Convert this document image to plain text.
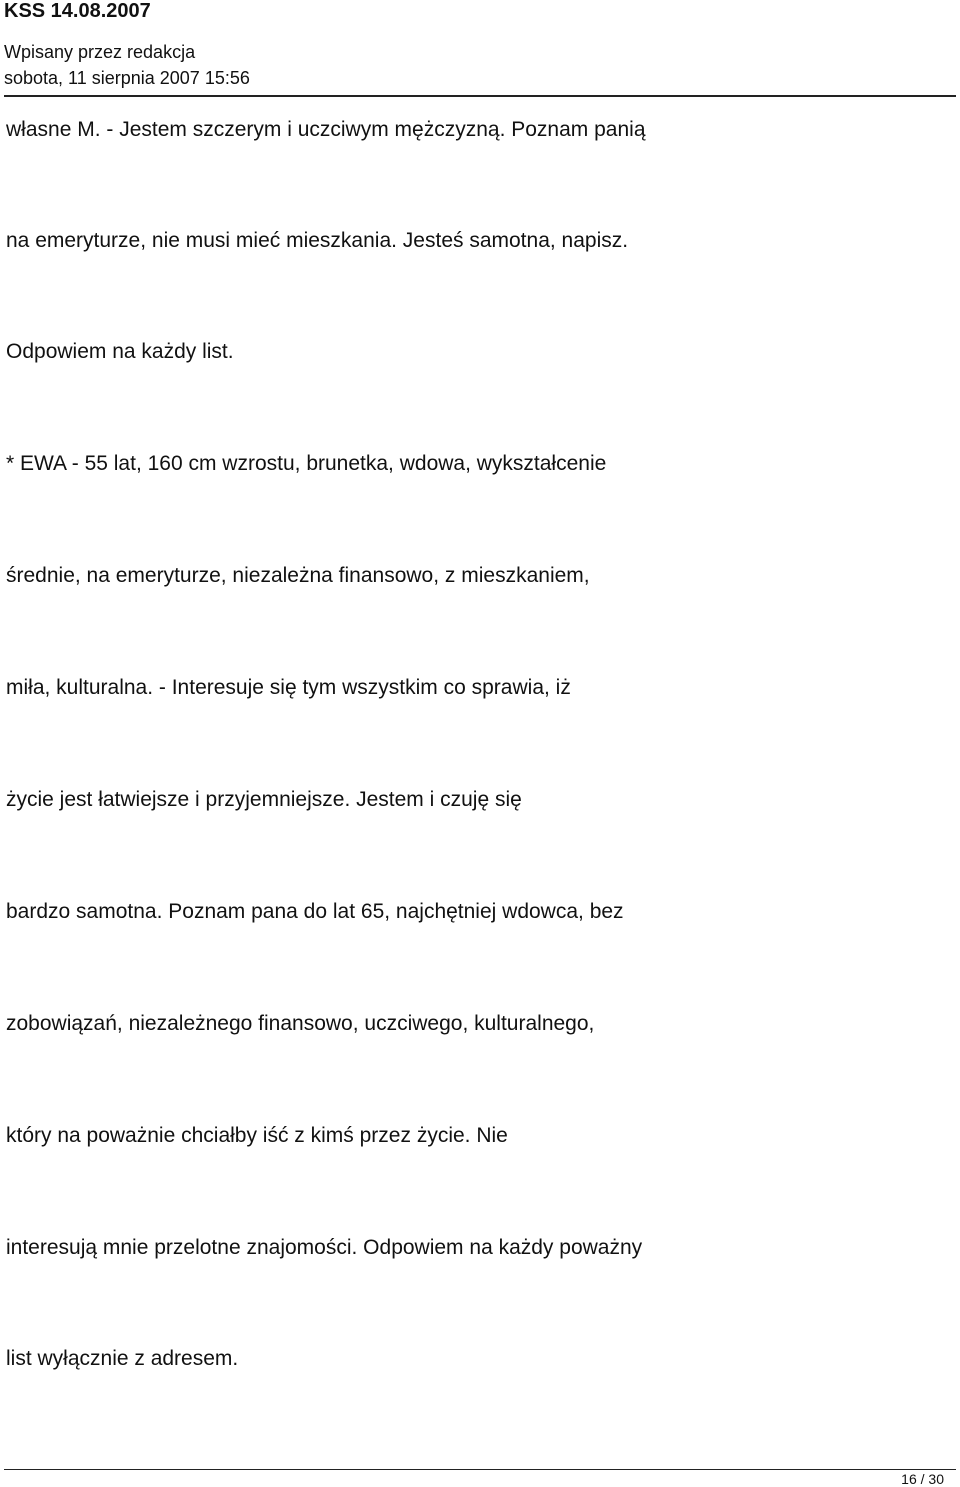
KSS 14.08.2007
Wpisany przez redakcja
sobota, 11 sierpnia 2007 15:56
własne M. - Jestem szczerym i uczciwym mężczyzną. Poznam panią
na emeryturze, nie musi mieć mieszkania. Jesteś samotna, napisz.
Odpowiem na każdy list.
* EWA - 55 lat, 160 cm wzrostu, brunetka, wdowa, wykształcenie
średnie, na emeryturze, niezależna finansowo, z mieszkaniem,
miła, kulturalna. - Interesuje się tym wszystkim co sprawia, iż
życie jest łatwiejsze i przyjemniejsze. Jestem i czuję się
bardzo samotna. Poznam pana do lat 65, najchętniej wdowca, bez
zobowiązań, niezależnego finansowo, uczciwego, kulturalnego,
który na poważnie chciałby iść z kimś przez życie. Nie
interesują mnie przelotne znajomości. Odpowiem na każdy poważny
list wyłącznie z adresem.
16 / 30
